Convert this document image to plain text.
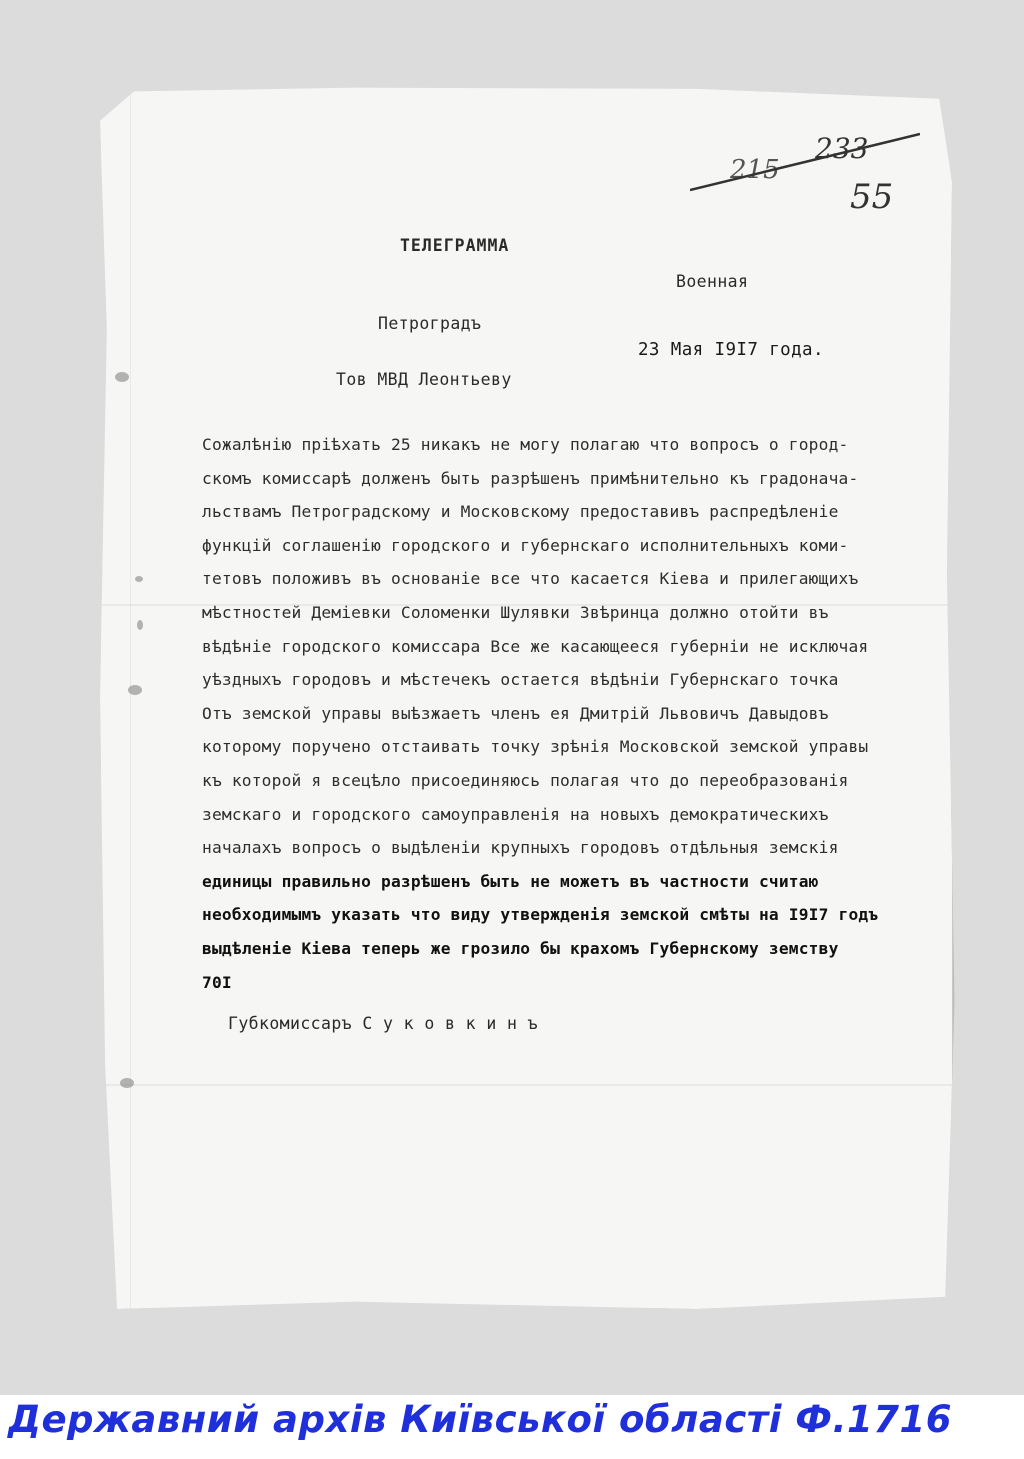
215
233
55
ТЕЛЕГРАММА
Военная
Петроградъ
23 Мая I9I7 года.
Тов МВД Леонтьеву
Сожалѣнію пріѣхать 25 никакъ не могу полагаю что вопросъ о город-
скомъ комиссарѣ долженъ быть разрѣшенъ примѣнительно къ градонача-
льствамъ Петроградскому и Московскому предоставивъ распредѣленіе
функцій соглашенію городского и губернскаго исполнительныхъ коми-
тетовъ положивъ въ основаніе все что касается Кіева и прилегающихъ
мѣстностей Деміевки Соломенки Шулявки Звѣринца должно отойти въ
вѣдѣніе городского комиссара Все же касающееся губерніи не исключая
уѣздныхъ городовъ и мѣстечекъ остается вѣдѣніи Губернскаго точка
Отъ земской управы выѣзжаетъ членъ ея Дмитрій Львовичъ Давыдовъ
которому поручено отстаивать точку зрѣнія Московской земской управы
къ которой я всецѣло присоединяюсь полагая что до переобразованія
земскаго и городского самоуправленія на новыхъ демократическихъ
началахъ вопросъ о выдѣленіи крупныхъ городовъ отдѣльныя земскія
единицы правильно разрѣшенъ быть не можетъ въ частности считаю
необходимымъ указать что виду утвержденія земской смѣты на I9I7 годъ
выдѣленіе Кіева теперь же грозило бы крахомъ Губернскому земству
70I
Губкомиссаръ С у к о в к и н ъ
Державний архів Київської області Ф.1716
